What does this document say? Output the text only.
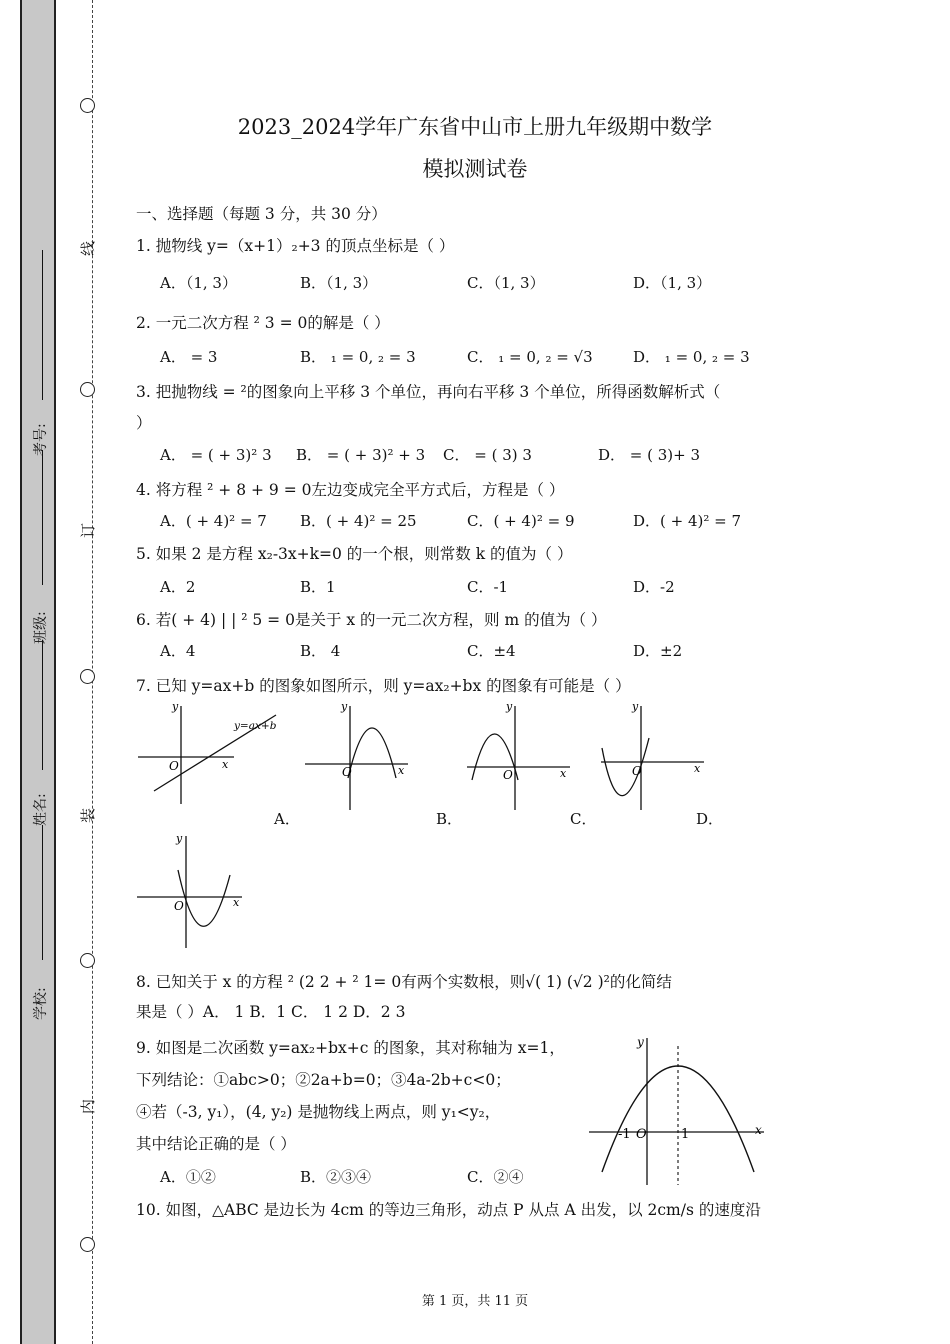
线
订
装
内
考号:
班级:
姓名:
学校:
2023_2024学年广东省中山市上册九年级期中数学
模拟测试卷
一、选择题（每题 3 分，共 30 分）
1. 抛物线 y=（x+1）₂+3 的顶点坐标是（ ）
A．（1, 3）	B．（1, 3）	C．（1, 3）	D．（1, 3）
2. 一元二次方程 ² 3 = 0的解是（ ）
A． = 3	B． ₁ = 0, ₂ = 3	C． ₁ = 0, ₂ = √3	D． ₁ = 0, ₂ = 3
3. 把抛物线 = ²的图象向上平移 3 个单位，再向右平移 3 个单位，所得函数解析式（
）
A． = ( + 3)² 3 B． = ( + 3)² + 3 C． = ( 3) 3	D． = ( 3)+ 3
4. 将方程 ² + 8 + 9 = 0左边变成完全平方式后，方程是（ ）
A．( + 4)² = 7 B．( + 4)² = 25	C．( + 4)² = 9	D．( + 4)² = 7
5. 如果 2 是方程 x₂-3x+k=0 的一个根，则常数 k 的值为（ ）
A．2	B．1	C．-1	D．-2
6. 若( + 4) | | ² 5 = 0是关于 x 的一元二次方程，则 m 的值为（ ）
A．4	B． 4	C．±4	D．±2
7. 已知 y=ax+b 的图象如图所示，则 y=ax₂+bx 的图象有可能是（ ）
y
x
O
y=ax+b
y
x
O
y
x
O
y
x
O
A．	B．	C．	D．
y
x
O
8. 已知关于 x 的方程 ² (2 2 + ² 1= 0有两个实数根，则√( 1) (√2 )²的化简结
果是（ ）A． 1 B．1 C． 1 2 D．2 3
9. 如图是二次函数 y=ax₂+bx+c 的图象，其对称轴为 x=1，
下列结论：①abc>0；②2a+b=0；③4a-2b+c<0；
④若（-3, y₁），(4, y₂) 是抛物线上两点，则 y₁<y₂，
其中结论正确的是（ ）
A．①②	B．②③④	C．②④
y
x
O
-1	1
10. 如图，△ABC 是边长为 4cm 的等边三角形，动点 P 从点 A 出发，以 2cm/s 的速度沿
第 1 页，共 11 页
